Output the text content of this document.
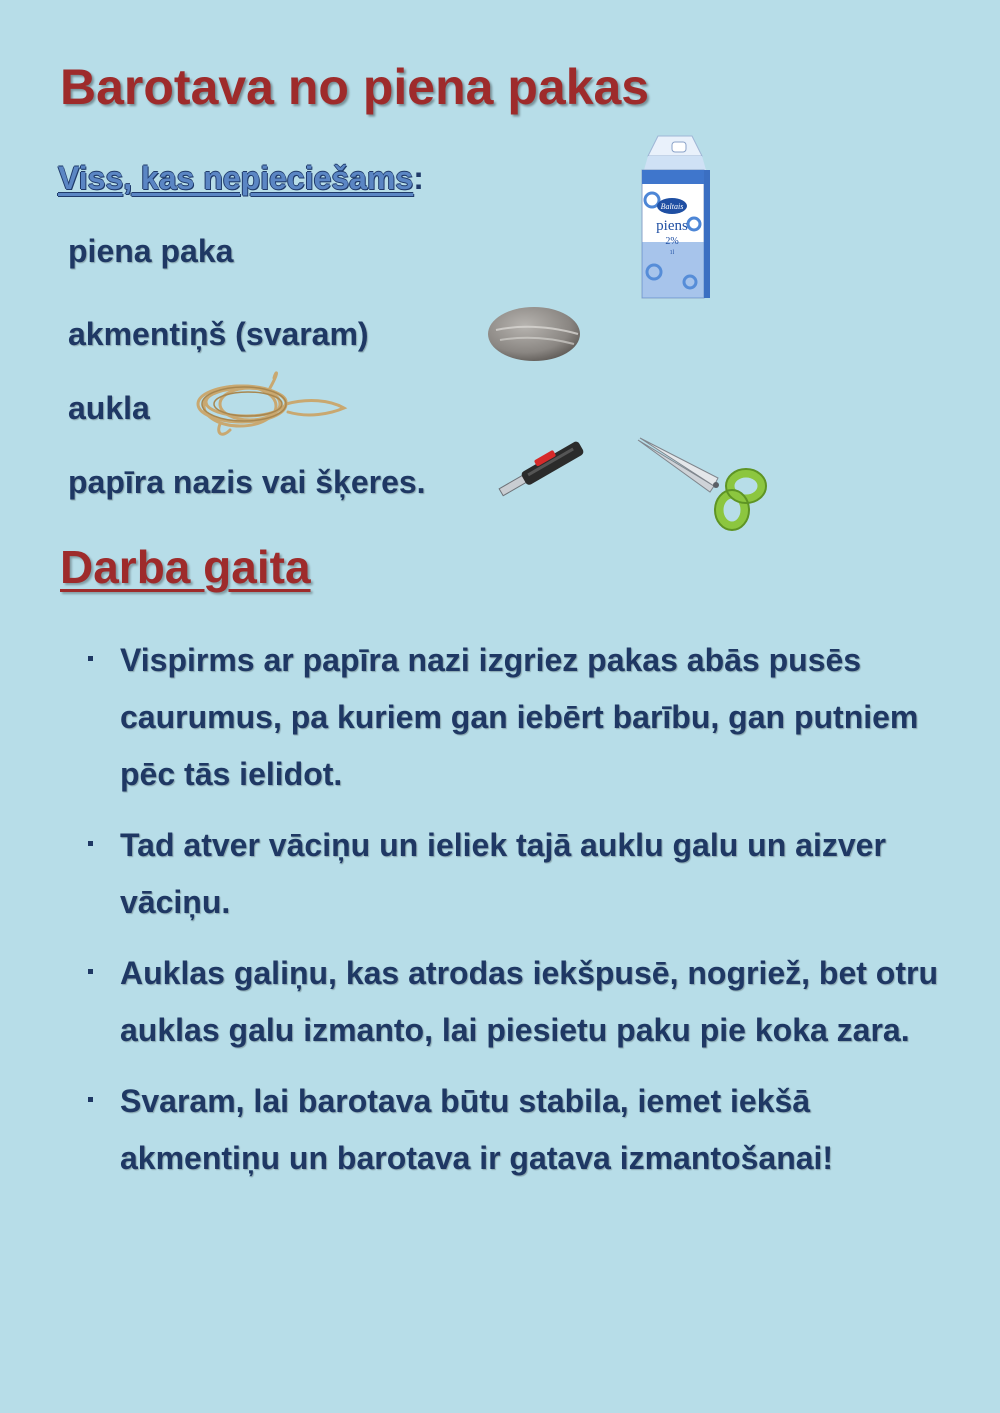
Barotava no piena pakas
Viss, kas nepieciešams:
piena paka
akmentiņš (svaram)
aukla
papīra nazis vai šķeres.
Baltais
piens
2%
1l
Darba gaita
Vispirms ar papīra nazi izgriez pakas abās pusēs caurumus, pa kuriem gan iebērt barību, gan putniem pēc tās ielidot.
Tad atver vāciņu un ieliek tajā auklu galu un aizver vāciņu.
Auklas galiņu, kas atrodas iekšpusē, nogriež, bet otru auklas galu izmanto, lai piesietu paku pie koka zara.
Svaram, lai barotava būtu stabila, iemet iekšā akmentiņu un barotava ir gatava izmantošanai!
